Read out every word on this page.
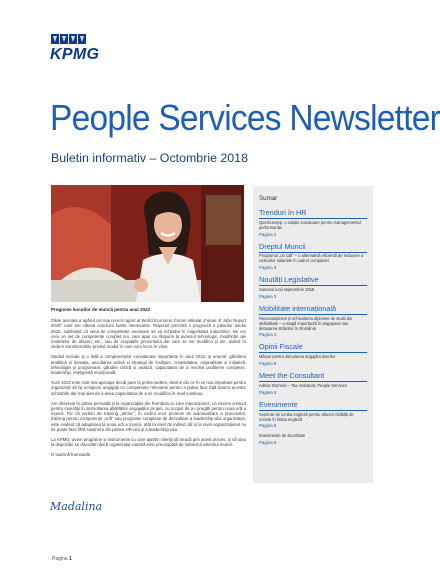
KPMG
People Services Newsletter
Buletin informativ – Octombrie 2018
Prognoze locurilor de muncă pentru anul 2022

Zilele acestea a apărut cel mai recent raport al World Economic Forum intitulat „Future of Jobs Report 2018" care are câteva concluzii foarte interesante. Raportul prezintă o prognoză a joburilor anului 2022, subliniind că setul de competențe necesare se va schimba în majoritatea industriilor. Ne vor cere un set de competențe complet noi, care apar ca răspuns la avansul tehnologic, modificări ale modelelor de afaceri, etc., sau de ocupațiile prezentului dar care se vor modifica și ele, având în vedere transformările privind modul în care vom lucra în viitor.

Studiul include și o listă a competențelor considerate importante în anul 2022, și anume: gândirea analitică și inovația, ascultarea activă și strategii de învățare, creativitatea, originalitate și inițiativă, tehnologie și programare, gândire critică și analiză, capacitatea de a rezolva probleme complexe, leadership, inteligență emoțională.

Cum 2022 este mult mai aproape decât pare la prima vedere, devine din ce în ce mai important pentru organizații să își echipeze angajații cu competențe relevante pentru a putea face față tuturor acestor schimbări dar mai ales de a avea capacitatea de a se recalifica în mod continuu.

Am observat în ultima perioadă și la organizațiile din România cu care interacționez, un interes crescut pentru investiții în dezvoltarea abilităților angajaților proprii, cu scopul de a-i pregăti pentru noua eră a muncii. Fie că vorbim de training „tehnic", în cadrul unor proiecte de automatizare a proceselor, training pentru competențe „soft" sau programe complexe de dezvoltare a leadership-ului organizației, este evident că adaptarea la noua eră a muncii, atât la nivel de individ cât și la nivel organizațional nu se poate face fără susținere din partea HR-ului și a leadership-ului.

La KPMG, avem programe și instrumente cu care ajutăm clienții să treacă prin acest proces, și vă stau la dispoziție se discutăm dacă organizația voastră este preocupată de subiectul viitorului muncii.

O toamnă frumoasă!

Madalina
Sumar
Trenduri în HR
QuerriusApp: o soluție inovatoare pentru managementul performanței
Pagina 2
Dreptul Muncii
Programul „on call" – o alternativă eficientă de reducere a costurilor salariale în cadrul companiei
Pagina 3
Noutăți Legislative
Sumarul lunii septembrie 2018
Pagina 3
Mobilitate internațională
Recunoașterea și echivalarea diplomei de studii din străinătate – o etapă importantă în angajarea sau detașarea străinilor în România
Pagina 4
Opinii Fiscale
Măsuri pentru stimularea angajării tinerilor
Pagina 5
Meet the Consultant
Adrian Dumnici – Tax Assistant, People Services
Pagina 5
Evenimente
Seminar de Limba engleză pentru afaceri Abilități de scriere în limba engleză
Pagina 6
Evenimente de Excelitate
Pagina 6
Pagina 1
